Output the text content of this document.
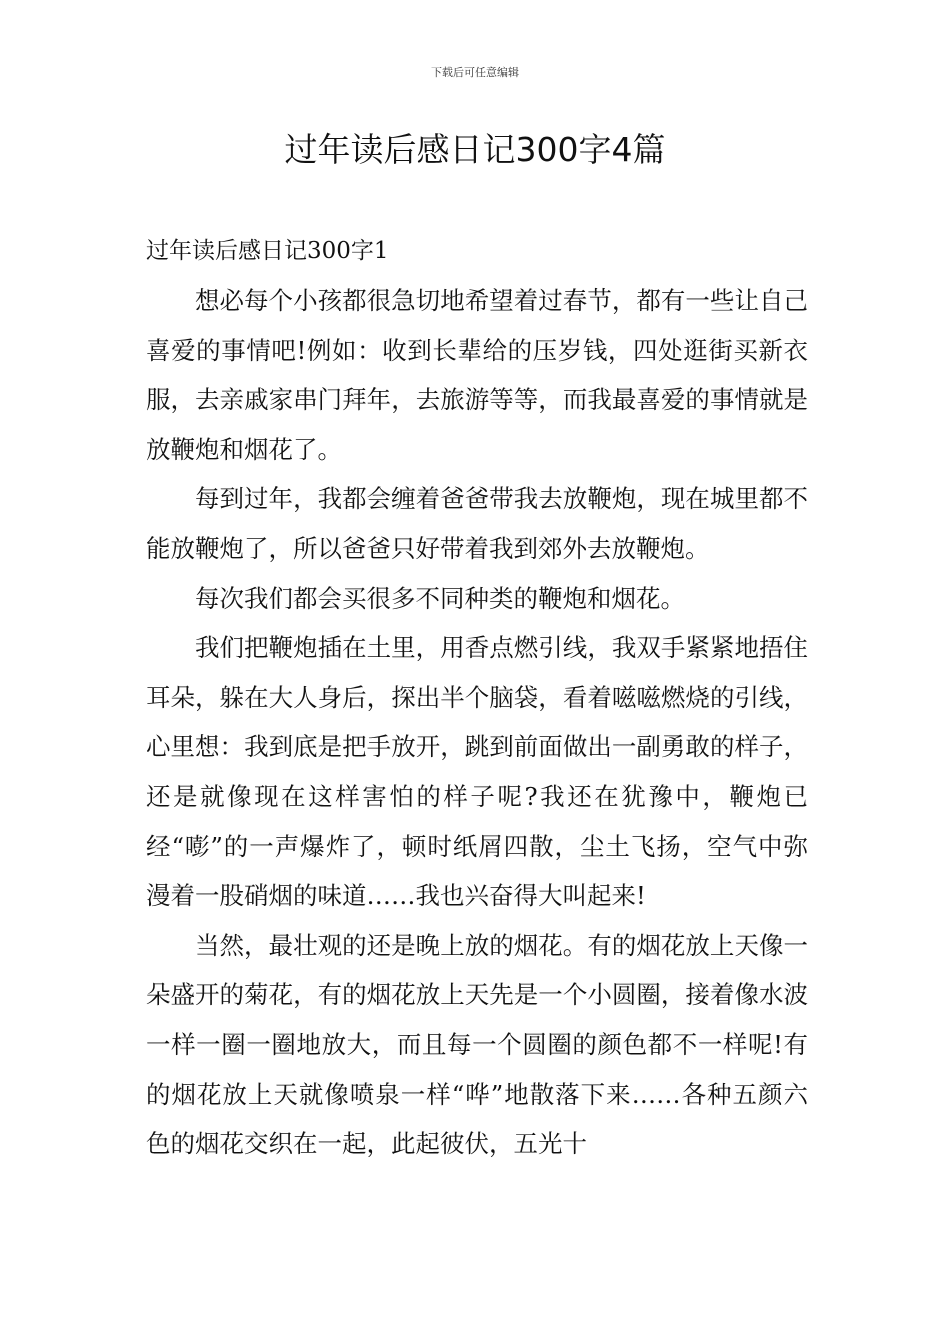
下载后可任意编辑
过年读后感日记300字4篇

过年读后感日记300字1

想必每个小孩都很急切地希望着过春节，都有一些让自己喜爱的事情吧!例如：收到长辈给的压岁钱，四处逛街买新衣服，去亲戚家串门拜年，去旅游等等，而我最喜爱的事情就是放鞭炮和烟花了。

每到过年，我都会缠着爸爸带我去放鞭炮，现在城里都不能放鞭炮了，所以爸爸只好带着我到郊外去放鞭炮。

每次我们都会买很多不同种类的鞭炮和烟花。

我们把鞭炮插在土里，用香点燃引线，我双手紧紧地捂住耳朵，躲在大人身后，探出半个脑袋，看着嗞嗞燃烧的引线，心里想：我到底是把手放开，跳到前面做出一副勇敢的样子，还是就像现在这样害怕的样子呢?我还在犹豫中，鞭炮已经“嘭”的一声爆炸了，顿时纸屑四散，尘土飞扬，空气中弥漫着一股硝烟的味道……我也兴奋得大叫起来!

当然，最壮观的还是晚上放的烟花。有的烟花放上天像一朵盛开的菊花，有的烟花放上天先是一个小圆圈，接着像水波一样一圈一圈地放大，而且每一个圆圈的颜色都不一样呢!有的烟花放上天就像喷泉一样“哗”地散落下来……各种五颜六色的烟花交织在一起，此起彼伏，五光十
